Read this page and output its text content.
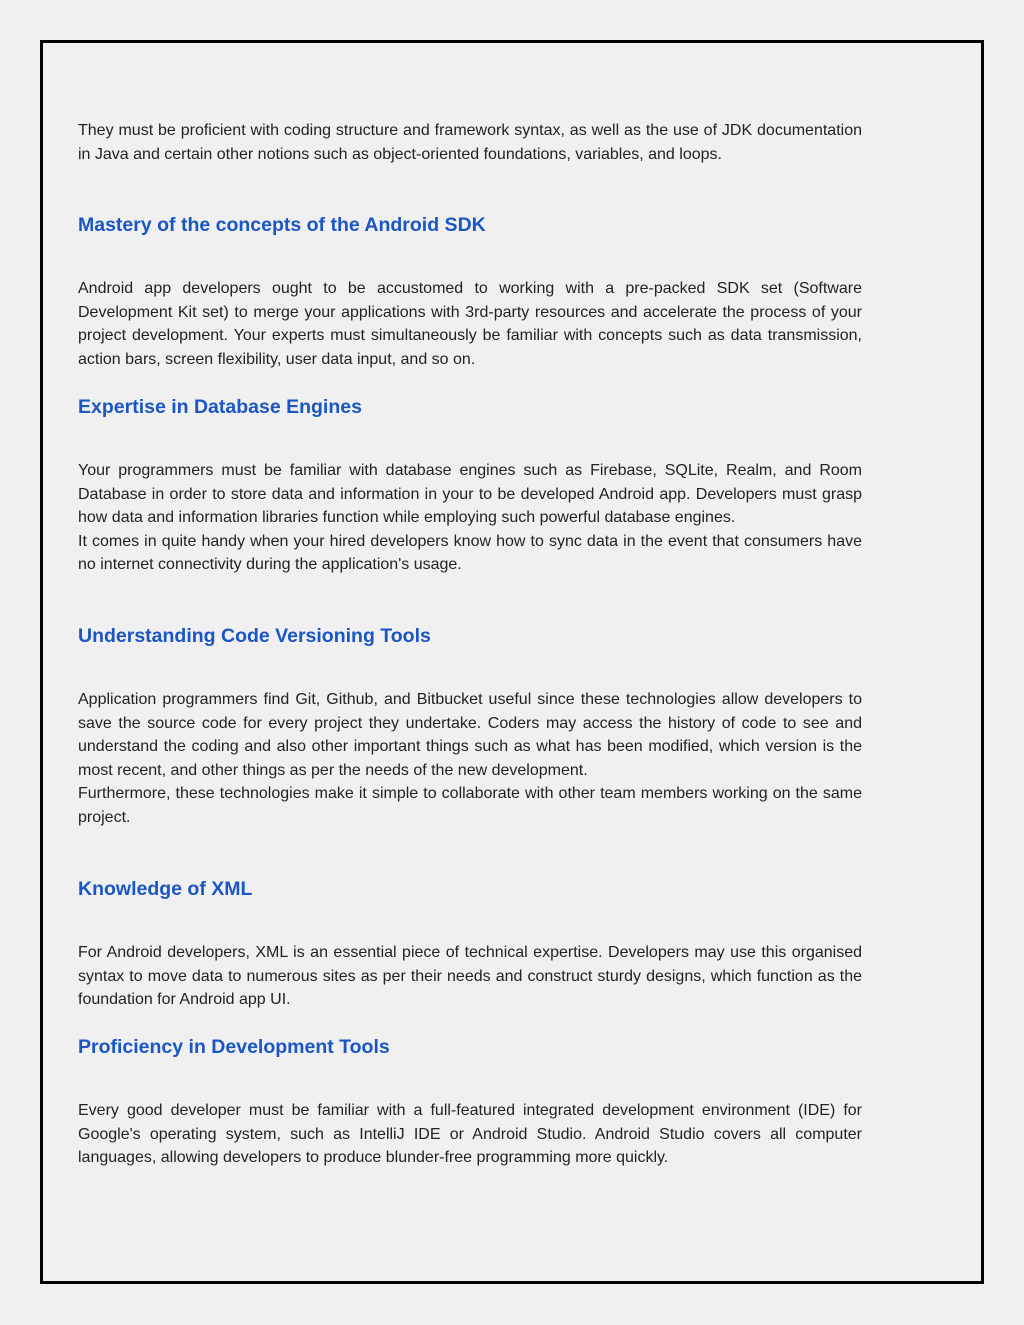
They must be proficient with coding structure and framework syntax, as well as the use of JDK documentation in Java and certain other notions such as object-oriented foundations, variables, and loops.

Mastery of the concepts of the Android SDK

Android app developers ought to be accustomed to working with a pre-packed SDK set (Software Development Kit set) to merge your applications with 3rd-party resources and accelerate the process of your project development. Your experts must simultaneously be familiar with concepts such as data transmission, action bars, screen flexibility, user data input, and so on.

Expertise in Database Engines

Your programmers must be familiar with database engines such as Firebase, SQLite, Realm, and Room Database in order to store data and information in your to be developed Android app. Developers must grasp how data and information libraries function while employing such powerful database engines.

It comes in quite handy when your hired developers know how to sync data in the event that consumers have no internet connectivity during the application's usage.

Understanding Code Versioning Tools

Application programmers find Git, Github, and Bitbucket useful since these technologies allow developers to save the source code for every project they undertake. Coders may access the history of code to see and understand the coding and also other important things such as what has been modified, which version is the most recent, and other things as per the needs of the new development.

Furthermore, these technologies make it simple to collaborate with other team members working on the same project.

Knowledge of XML

For Android developers, XML is an essential piece of technical expertise. Developers may use this organised syntax to move data to numerous sites as per their needs and construct sturdy designs, which function as the foundation for Android app UI.

Proficiency in Development Tools

Every good developer must be familiar with a full-featured integrated development environment (IDE) for Google's operating system, such as IntelliJ IDE or Android Studio. Android Studio covers all computer languages, allowing developers to produce blunder-free programming more quickly.
